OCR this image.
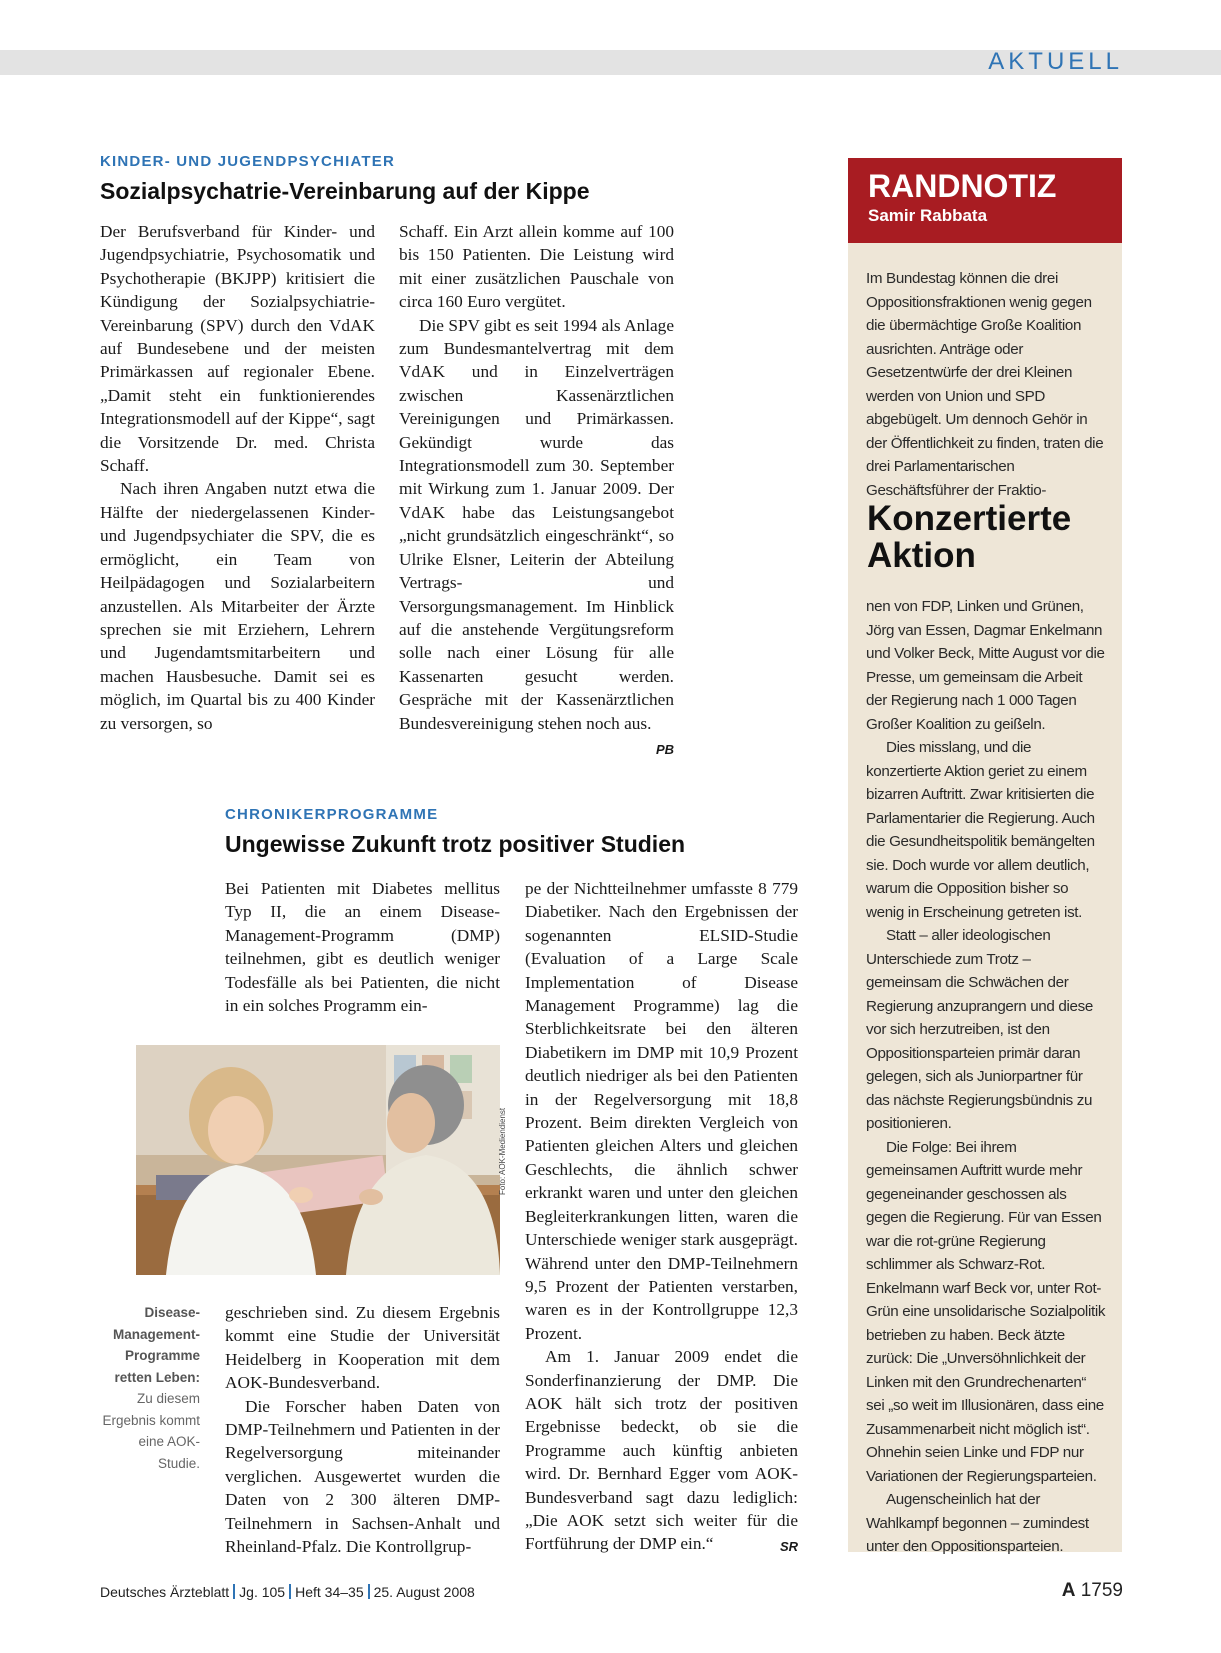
AKTUELL
KINDER- UND JUGENDPSYCHIATER
Sozialpsychatrie-Vereinbarung auf der Kippe

Der Berufsverband für Kinder- und Jugendpsychiatrie, Psychosomatik und Psychotherapie (BKJPP) kritisiert die Kündigung der Sozialpsychiatrie-Vereinbarung (SPV) durch den VdAK auf Bundesebene und der meisten Primärkassen auf regionaler Ebene. „Damit steht ein funktionierendes Integrationsmodell auf der Kippe“, sagt die Vorsitzende Dr. med. Christa Schaff.

Nach ihren Angaben nutzt etwa die Hälfte der niedergelassenen Kinder- und Jugendpsychiater die SPV, die es ermöglicht, ein Team von Heilpädagogen und Sozialarbeitern anzustellen. Als Mitarbeiter der Ärzte sprechen sie mit Erziehern, Lehrern und Jugendamtsmitarbeitern und machen Hausbesuche. Damit sei es möglich, im Quartal bis zu 400 Kinder zu versorgen, so

Schaff. Ein Arzt allein komme auf 100 bis 150 Patienten. Die Leistung wird mit einer zusätzlichen Pauschale von circa 160 Euro vergütet.

Die SPV gibt es seit 1994 als Anlage zum Bundesmantelvertrag mit dem VdAK und in Einzelverträgen zwischen Kassenärztlichen Vereinigungen und Primärkassen. Gekündigt wurde das Integrationsmodell zum 30. September mit Wirkung zum 1. Januar 2009. Der VdAK habe das Leistungsangebot „nicht grundsätzlich eingeschränkt“, so Ulrike Elsner, Leiterin der Abteilung Vertrags- und Versorgungsmanagement. Im Hinblick auf die anstehende Vergütungsreform solle nach einer Lösung für alle Kassenarten gesucht werden. Gespräche mit der Kassenärztlichen Bundesvereinigung stehen noch aus.
PB

CHRONIKERPROGRAMME
Ungewisse Zukunft trotz positiver Studien

Bei Patienten mit Diabetes mellitus Typ II, die an einem Disease-Management-Programm (DMP) teilnehmen, gibt es deutlich weniger Todesfälle als bei Patienten, die nicht in ein solches Programm ein-

Foto: AOK-Mediendienst
Disease-Management-Programme retten Leben: Zu diesem Ergebnis kommt eine AOK-Studie.

geschrieben sind. Zu diesem Ergebnis kommt eine Studie der Universität Heidelberg in Kooperation mit dem AOK-Bundesverband.

Die Forscher haben Daten von DMP-Teilnehmern und Patienten in der Regelversorgung miteinander verglichen. Ausgewertet wurden die Daten von 2 300 älteren DMP-Teilnehmern in Sachsen-Anhalt und Rheinland-Pfalz. Die Kontrollgrup-

pe der Nichtteilnehmer umfasste 8 779 Diabetiker. Nach den Ergebnissen der sogenannten ELSID-Studie (Evaluation of a Large Scale Implementation of Disease Management Programme) lag die Sterblichkeitsrate bei den älteren Diabetikern im DMP mit 10,9 Prozent deutlich niedriger als bei den Patienten in der Regelversorgung mit 18,8 Prozent. Beim direkten Vergleich von Patienten gleichen Alters und gleichen Geschlechts, die ähnlich schwer erkrankt waren und unter den gleichen Begleiterkrankungen litten, waren die Unterschiede weniger stark ausgeprägt. Während unter den DMP-Teilnehmern 9,5 Prozent der Patienten verstarben, waren es in der Kontrollgruppe 12,3 Prozent.

Am 1. Januar 2009 endet die Sonderfinanzierung der DMP. Die AOK hält sich trotz der positiven Ergebnisse bedeckt, ob sie die Programme auch künftig anbieten wird. Dr. Bernhard Egger vom AOK-Bundesverband sagt dazu lediglich: „Die AOK setzt sich weiter für die Fortführung der DMP ein.“	SR

RANDNOTIZ
Samir Rabbata

Im Bundestag können die drei Oppositionsfraktionen wenig gegen die übermächtige Große Koalition ausrichten. Anträge oder Gesetzentwürfe der drei Kleinen werden von Union und SPD abgebügelt. Um dennoch Gehör in der Öffentlichkeit zu finden, traten die drei Parlamentarischen Geschäftsführer der Fraktio-

Konzertierte
Aktion

nen von FDP, Linken und Grünen, Jörg van Essen, Dagmar Enkelmann und Volker Beck, Mitte August vor die Presse, um gemeinsam die Arbeit der Regierung nach 1 000 Tagen Großer Koalition zu geißeln.

Dies misslang, und die konzertierte Aktion geriet zu einem bizarren Auftritt. Zwar kritisierten die Parlamentarier die Regierung. Auch die Gesundheitspolitik bemängelten sie. Doch wurde vor allem deutlich, warum die Opposition bisher so wenig in Erscheinung getreten ist.

Statt – aller ideologischen Unterschiede zum Trotz – gemeinsam die Schwächen der Regierung anzuprangern und diese vor sich herzutreiben, ist den Oppositionsparteien primär daran gelegen, sich als Juniorpartner für das nächste Regierungsbündnis zu positionieren.

Die Folge: Bei ihrem gemeinsamen Auftritt wurde mehr gegeneinander geschossen als gegen die Regierung. Für van Essen war die rot-grüne Regierung schlimmer als Schwarz-Rot. Enkelmann warf Beck vor, unter Rot-Grün eine unsolidarische Sozialpolitik betrieben zu haben. Beck ätzte zurück: Die „Unversöhnlichkeit der Linken mit den Grundrechenarten“ sei „so weit im Illusionären, dass eine Zusammenarbeit nicht möglich ist“. Ohnehin seien Linke und FDP nur Variationen der Regierungsparteien.

Augenscheinlich hat der Wahlkampf begonnen – zumindest unter den Oppositionsparteien.

Deutsches Ärzteblatt Jg. 105 Heft 34–35 25. August 2008	A 1759
